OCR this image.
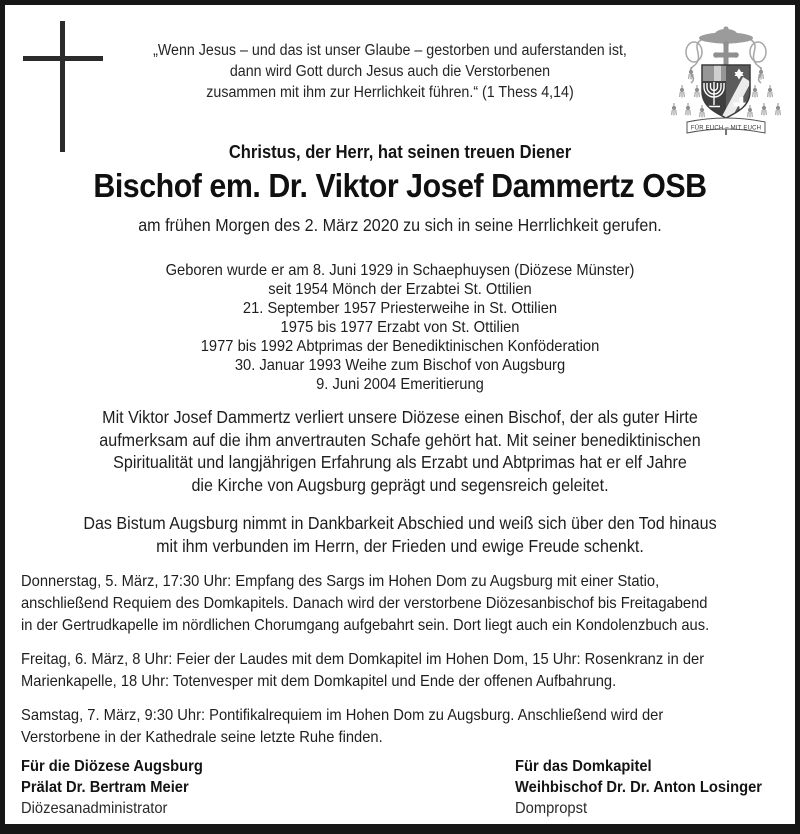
FÜR EUCH – MIT EUCH
„Wenn Jesus – und das ist unser Glaube – gestorben und auferstanden ist,
dann wird Gott durch Jesus auch die Verstorbenen
zusammen mit ihm zur Herrlichkeit führen.“ (1 Thess 4,14)
Christus, der Herr, hat seinen treuen Diener
Bischof em. Dr. Viktor Josef Dammertz OSB
am frühen Morgen des 2. März 2020 zu sich in seine Herrlichkeit gerufen.
Geboren wurde er am 8. Juni 1929 in Schaephuysen (Diözese Münster)
seit 1954 Mönch der Erzabtei St. Ottilien
21. September 1957 Priesterweihe in St. Ottilien
1975 bis 1977 Erzabt von St. Ottilien
1977 bis 1992 Abtprimas der Benediktinischen Konföderation
30. Januar 1993 Weihe zum Bischof von Augsburg
9. Juni 2004 Emeritierung
Mit Viktor Josef Dammertz verliert unsere Diözese einen Bischof, der als guter Hirte
aufmerksam auf die ihm anvertrauten Schafe gehört hat. Mit seiner benediktinischen
Spiritualität und langjährigen Erfahrung als Erzabt und Abtprimas hat er elf Jahre
die Kirche von Augsburg geprägt und segensreich geleitet.
Das Bistum Augsburg nimmt in Dankbarkeit Abschied und weiß sich über den Tod hinaus
mit ihm verbunden im Herrn, der Frieden und ewige Freude schenkt.
Donnerstag, 5. März, 17:30 Uhr: Empfang des Sargs im Hohen Dom zu Augsburg mit einer Statio,
anschließend Requiem des Domkapitels. Danach wird der verstorbene Diözesanbischof bis Freitagabend
in der Gertrudkapelle im nördlichen Chorumgang aufgebahrt sein. Dort liegt auch ein Kondolenzbuch aus.
Freitag, 6. März, 8 Uhr: Feier der Laudes mit dem Domkapitel im Hohen Dom, 15 Uhr: Rosenkranz in der
Marienkapelle, 18 Uhr: Totenvesper mit dem Domkapitel und Ende der offenen Aufbahrung.
Samstag, 7. März, 9:30 Uhr: Pontifikalrequiem im Hohen Dom zu Augsburg. Anschließend wird der
Verstorbene in der Kathedrale seine letzte Ruhe finden.
Für die Diözese Augsburg
Prälat Dr. Bertram Meier
Diözesanadministrator
Für das Domkapitel
Weihbischof Dr. Dr. Anton Losinger
Dompropst
